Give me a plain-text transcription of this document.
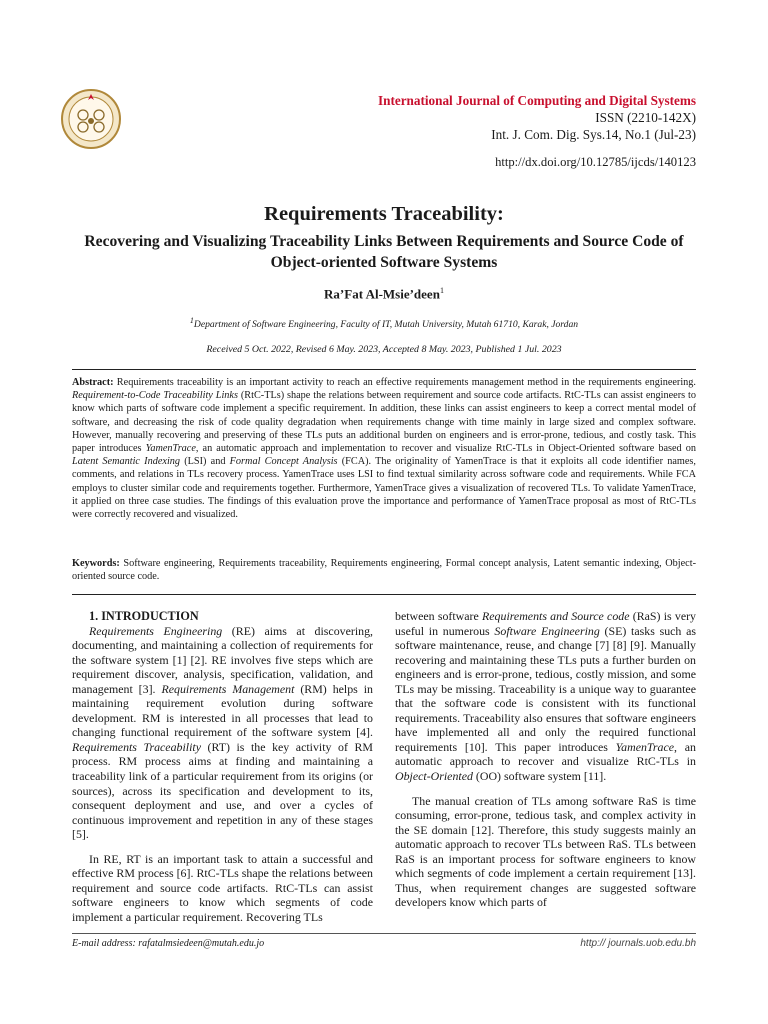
International Journal of Computing and Digital Systems
ISSN (2210-142X)
Int. J. Com. Dig. Sys.14, No.1 (Jul-23)
http://dx.doi.org/10.12785/ijcds/140123
Requirements Traceability:
Recovering and Visualizing Traceability Links Between Requirements and Source Code of Object-oriented Software Systems
Ra’Fat Al-Msie’deen$^1$
$^1$Department of Software Engineering, Faculty of IT, Mutah University, Mutah 61710, Karak, Jordan
Received 5 Oct. 2022, Revised 6 May. 2023, Accepted 8 May. 2023, Published 1 Jul. 2023
Abstract: Requirements traceability is an important activity to reach an effective requirements management method in the requirements engineering. Requirement-to-Code Traceability Links (RtC-TLs) shape the relations between requirement and source code artifacts. RtC-TLs can assist engineers to know which parts of software code implement a specific requirement. In addition, these links can assist engineers to keep a correct mental model of software, and decreasing the risk of code quality degradation when requirements change with time mainly in large sized and complex software. However, manually recovering and preserving of these TLs puts an additional burden on engineers and is error-prone, tedious, and costly task. This paper introduces YamenTrace, an automatic approach and implementation to recover and visualize RtC-TLs in Object-Oriented software based on Latent Semantic Indexing (LSI) and Formal Concept Analysis (FCA). The originality of YamenTrace is that it exploits all code identifier names, comments, and relations in TLs recovery process. YamenTrace uses LSI to find textual similarity across software code and requirements. While FCA employs to cluster similar code and requirements together. Furthermore, YamenTrace gives a visualization of recovered TLs. To validate YamenTrace, it applied on three case studies. The findings of this evaluation prove the importance and performance of YamenTrace proposal as most of RtC-TLs were correctly recovered and visualized.
Keywords: Software engineering, Requirements traceability, Requirements engineering, Formal concept analysis, Latent semantic indexing, Object-oriented source code.

1. INTRODUCTION

Requirements Engineering (RE) aims at discovering, documenting, and maintaining a collection of requirements for the software system [1] [2]. RE involves five steps which are requirement discover, analysis, specification, validation, and management [3]. Requirements Management (RM) helps in maintaining requirement evolution during software development. RM is interested in all processes that lead to changing functional requirement of the software system [4]. Requirements Traceability (RT) is the key activity of RM process. RM process aims at finding and maintaining a traceability link of a particular requirement from its origins (or sources), across its specification and development to its, consequent deployment and use, and over a cycles of continuous improvement and repetition in any of these stages [5].

In RE, RT is an important task to attain a successful and effective RM process [6]. RtC-TLs shape the relations between requirement and source code artifacts. RtC-TLs can assist software engineers to know which segments of code implement a particular requirement. Recovering TLs

between software Requirements and Source code (RaS) is very useful in numerous Software Engineering (SE) tasks such as software maintenance, reuse, and change [7] [8] [9]. Manually recovering and maintaining these TLs puts a further burden on engineers and is error-prone, tedious, costly mission, and some TLs may be missing. Traceability is a unique way to guarantee that the software code is consistent with its functional requirements. Traceability also ensures that software engineers have implemented all and only the required functional requirements [10]. This paper introduces YamenTrace, an automatic approach to recover and visualize RtC-TLs in Object-Oriented (OO) software system [11].

The manual creation of TLs among software RaS is time consuming, error-prone, tedious task, and complex activity in the SE domain [12]. Therefore, this study suggests mainly an automatic approach to recover TLs between RaS. TLs between RaS is an important process for software engineers to know which segments of code implement a certain requirement [13]. Thus, when requirement changes are suggested software developers know which parts of

E-mail address: rafatalmsiedeen@mutah.edu.jo	http:// journals.uob.edu.bh
